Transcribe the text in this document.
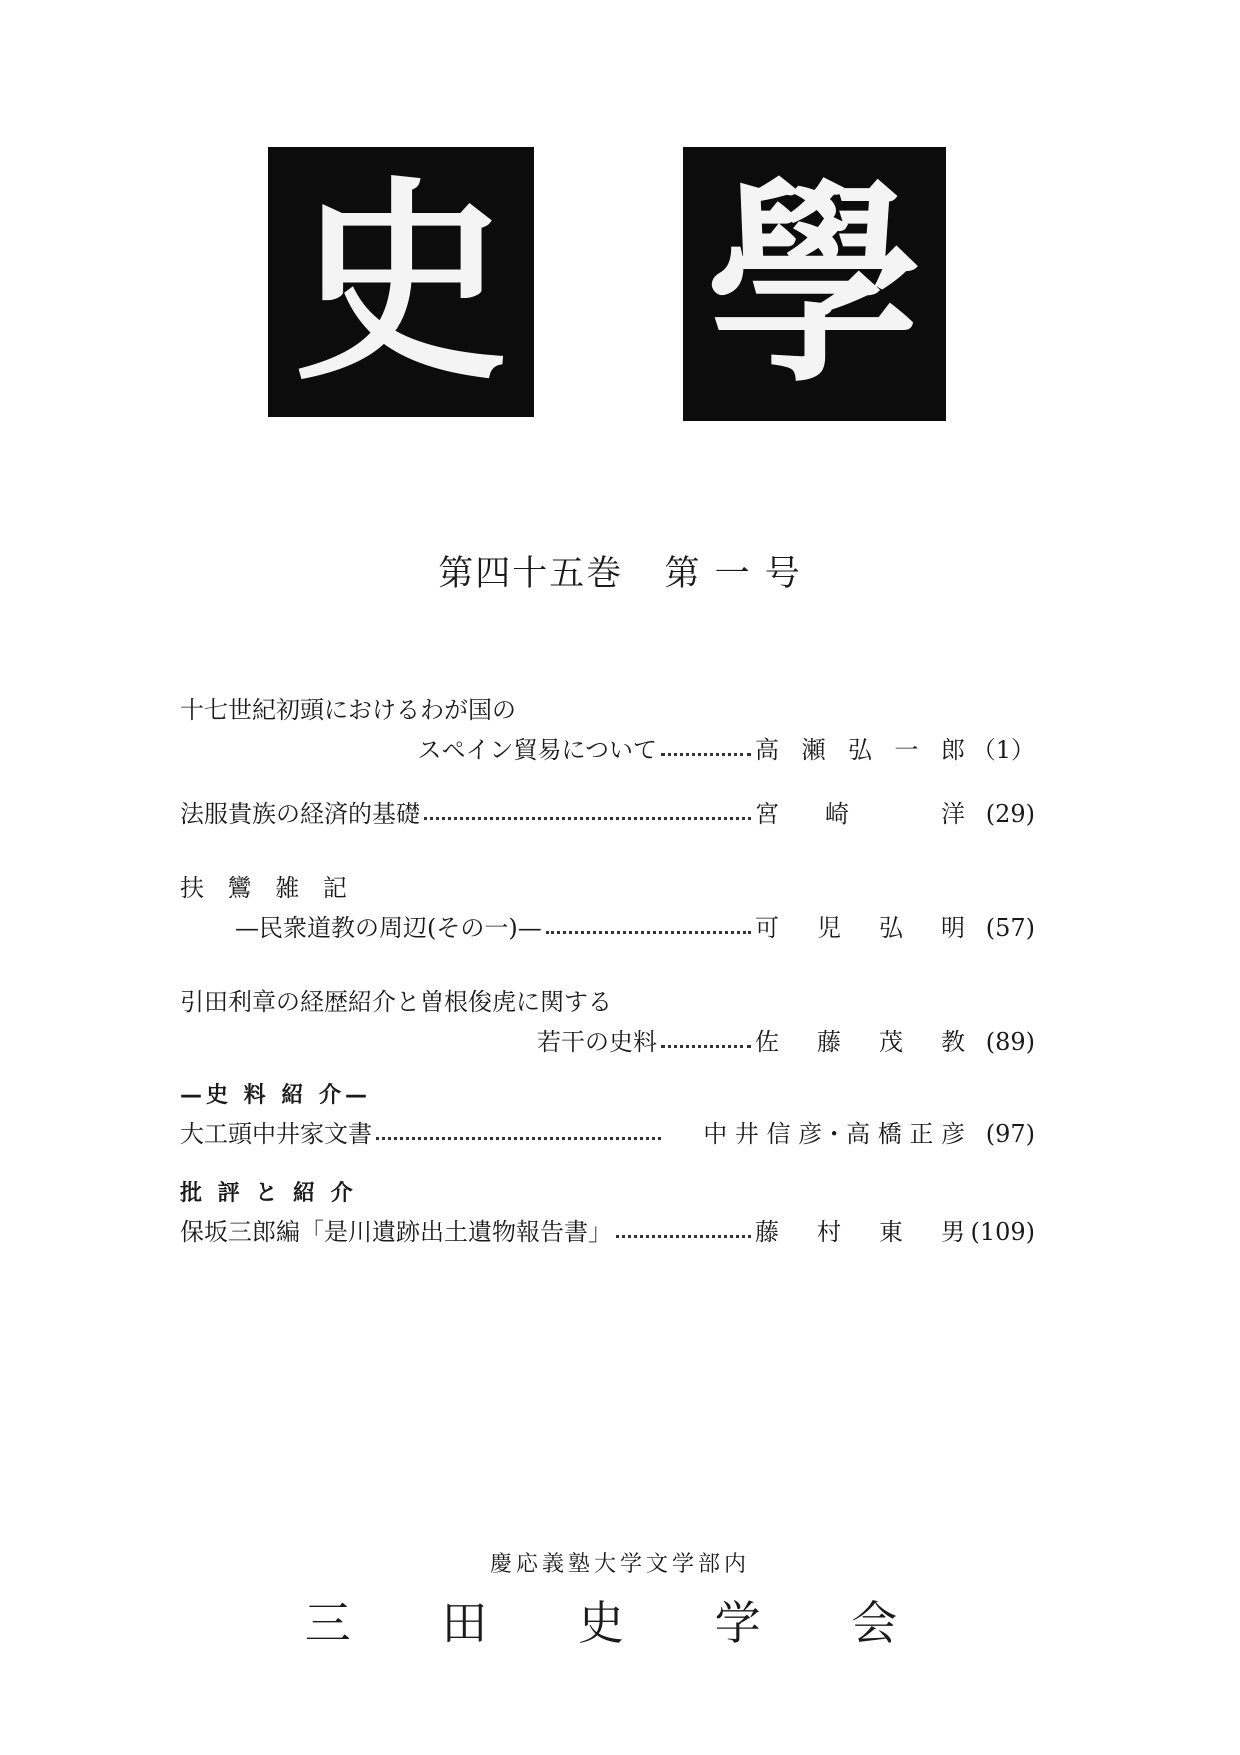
史 學
第四十五巻 第 一 号
十七世紀初頭におけるわが国の
スペイン貿易について	高 瀬 弘 一 郎 （1）
法服貴族の経済的基礎	宮 崎	洋 (29)
扶 鸞 雑 記
—民衆道教の周辺(その一)—	可 児 弘 明 (57)
引田利章の経歴紹介と曽根俊虎に関する
若干の史料	佐 藤 茂 教 (89)
—史 料 紹 介—
大工頭中井家文書	中 井 信 彦・高 橋 正 彦 (97)
批 評 と 紹 介
保坂三郎編「是川遺跡出土遺物報告書」	藤 村 東 男 (109)
慶応義塾大学文学部内
三 田 史 学 会
